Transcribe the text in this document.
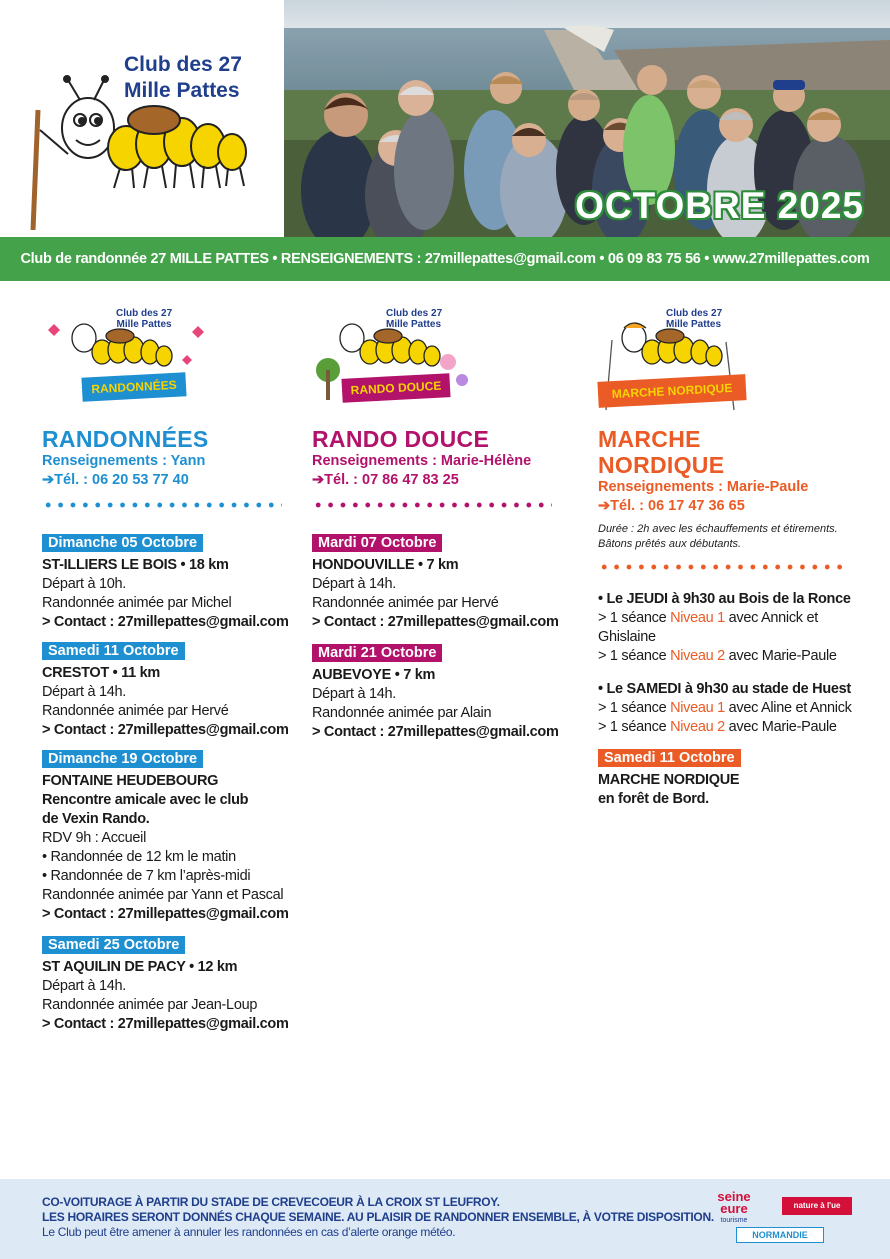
Club des 27
Mille Pattes
OCTOBRE 2025
Club de randonnée 27 MILLE PATTES • RENSEIGNEMENTS : 27millepattes@gmail.com • 06 09 83 75 56 • www.27millepattes.com
Club des 27
Mille Pattes
RANDONNÉES
RANDONNÉES
Renseignements : Yann
➔Tél. : 06 20 53 77 40
Dimanche 05 Octobre
ST-ILLIERS LE BOIS • 18 km
Départ à 10h.
Randonnée animée par Michel
> Contact : 27millepattes@gmail.com
Samedi 11 Octobre
CRESTOT • 11 km
Départ à 14h.
Randonnée animée par Hervé
> Contact : 27millepattes@gmail.com
Dimanche 19 Octobre
FONTAINE HEUDEBOURG
Rencontre amicale avec le club
de Vexin Rando.
RDV 9h : Accueil
• Randonnée de 12 km le matin
• Randonnée de 7 km l’après-midi
Randonnée animée par Yann et Pascal
> Contact : 27millepattes@gmail.com
Samedi 25 Octobre
ST AQUILIN DE PACY • 12 km
Départ à 14h.
Randonnée animée par Jean-Loup
> Contact : 27millepattes@gmail.com
Club des 27
Mille Pattes
RANDO DOUCE
RANDO DOUCE
Renseignements : Marie-Hélène
➔Tél. : 07 86 47 83 25
Mardi 07 Octobre
HONDOUVILLE • 7 km
Départ à 14h.
Randonnée animée par Hervé
> Contact : 27millepattes@gmail.com
Mardi 21 Octobre
AUBEVOYE • 7 km
Départ à 14h.
Randonnée animée par Alain
> Contact : 27millepattes@gmail.com
Club des 27
Mille Pattes
MARCHE NORDIQUE
MARCHE
NORDIQUE
Renseignements : Marie-Paule
➔Tél. : 06 17 47 36 65
Durée : 2h avec les échauffements et étirements.
Bâtons prêtés aux débutants.
• Le JEUDI à 9h30 au Bois de la Ronce
> 1 séance Niveau 1 avec Annick et Ghislaine
> 1 séance Niveau 2 avec Marie-Paule
• Le SAMEDI à 9h30 au stade de Huest
> 1 séance Niveau 1 avec Aline et Annick
> 1 séance Niveau 2 avec Marie-Paule
Samedi 11 Octobre
MARCHE NORDIQUE
en forêt de Bord.
CO-VOITURAGE À PARTIR DU STADE DE CREVECOEUR À LA CROIX ST LEUFROY.
LES HORAIRES SERONT DONNÉS CHAQUE SEMAINE. AU PLAISIR DE RANDONNER ENSEMBLE, À VOTRE DISPOSITION.
Le Club peut être amener à annuler les randonnées en cas d’alerte orange météo.
seine eure
tourisme
nature à l'ue
NORMANDIE
